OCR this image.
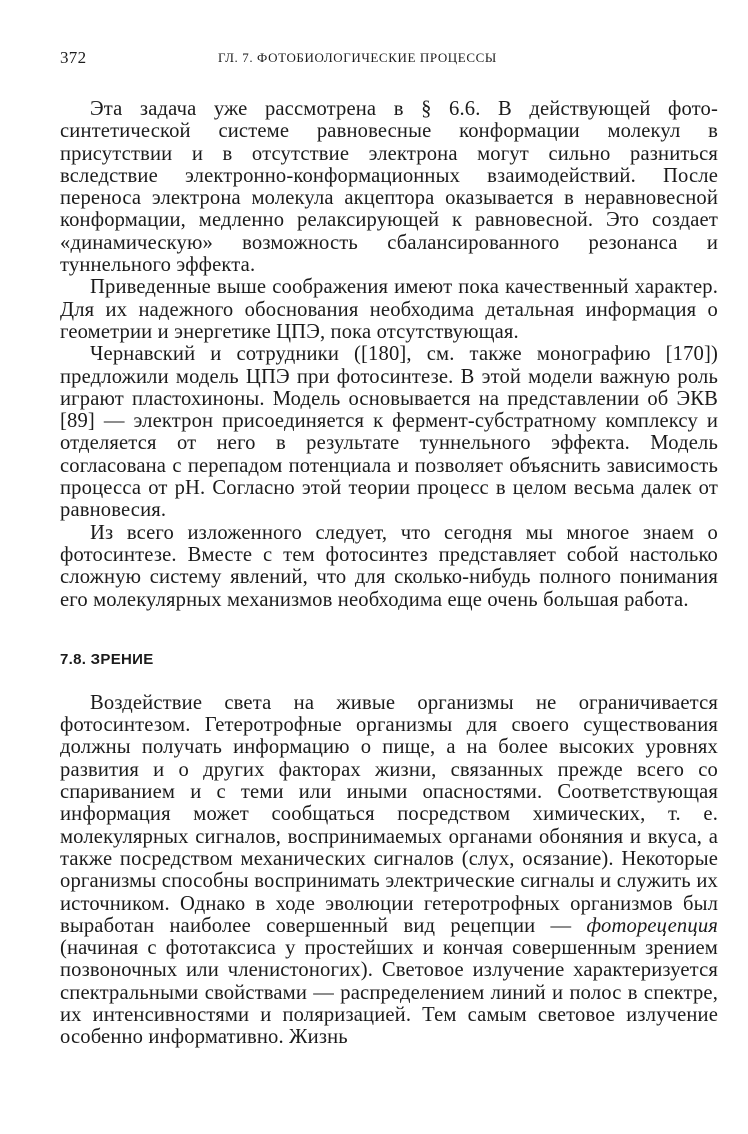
372	ГЛ. 7. ФОТОБИОЛОГИЧЕСКИЕ ПРОЦЕССЫ

Эта задача уже рассмотрена в § 6.6. В действующей фото-синтетической системе равновесные конформации молекул в присутствии и в отсутствие электрона могут сильно разниться вследствие электронно-конформационных взаимодействий. После переноса электрона молекула акцептора оказывается в неравновесной конформации, медленно релаксирующей к равновесной. Это создает «динамическую» возможность сбалансированного резонанса и туннельного эффекта.

Приведенные выше соображения имеют пока качественный характер. Для их надежного обоснования необходима детальная информация о геометрии и энергетике ЦПЭ, пока отсутствующая.

Чернавский и сотрудники ([180], см. также монографию [170]) предложили модель ЦПЭ при фотосинтезе. В этой модели важную роль играют пластохиноны. Модель основывается на представлении об ЭКВ [89] — электрон присоединяется к фермент-субстратному комплексу и отделяется от него в результате туннельного эффекта. Модель согласована с перепадом потенциала и позволяет объяснить зависимость процесса от pH. Согласно этой теории процесс в целом весьма далек от равновесия.

Из всего изложенного следует, что сегодня мы многое знаем о фотосинтезе. Вместе с тем фотосинтез представляет собой настолько сложную систему явлений, что для сколько-нибудь полного понимания его молекулярных механизмов необходима еще очень большая работа.

7.8. ЗРЕНИЕ

Воздействие света на живые организмы не ограничивается фотосинтезом. Гетеротрофные организмы для своего существования должны получать информацию о пище, а на более высоких уровнях развития и о других факторах жизни, связанных прежде всего со спариванием и с теми или иными опасностями. Соответствующая информация может сообщаться посредством химических, т. е. молекулярных сигналов, воспринимаемых органами обоняния и вкуса, а также посредством механических сигналов (слух, осязание). Некоторые организмы способны воспринимать электрические сигналы и служить их источником. Однако в ходе эволюции гетеротрофных организмов был выработан наиболее совершенный вид рецепции — фоторецепция (начиная с фототаксиса у простейших и кончая совершенным зрением позвоночных или членистоногих). Световое излучение характеризуется спектральными свойствами — распределением линий и полос в спектре, их интенсивностями и поляризацией. Тем самым световое излучение особенно информативно. Жизнь
